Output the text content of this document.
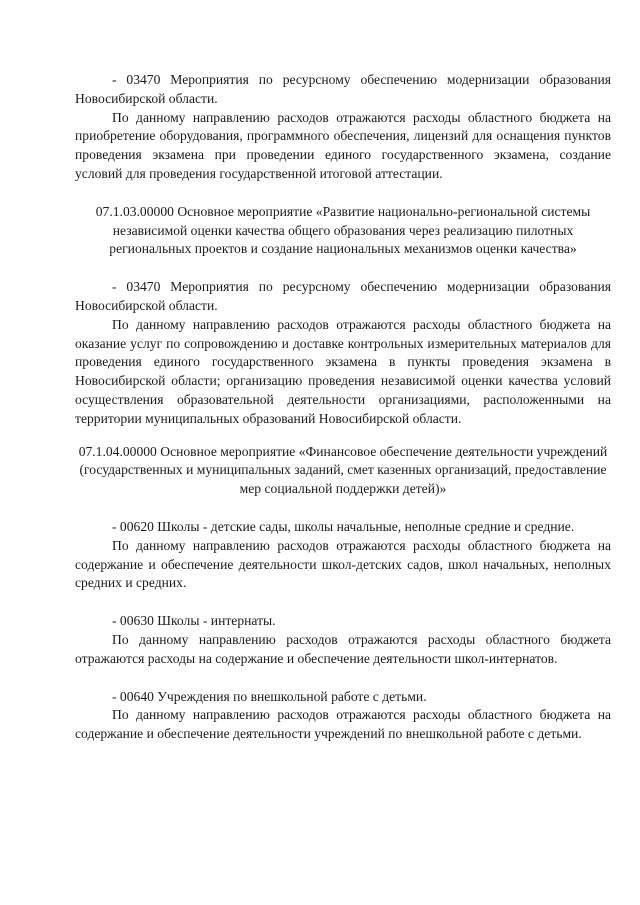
- 03470 Мероприятия по ресурсному обеспечению модернизации образования Новосибирской области.

По данному направлению расходов отражаются расходы областного бюджета на приобретение оборудования, программного обеспечения, лицензий для оснащения пунктов проведения экзамена при проведении единого государственного экзамена, создание условий для проведения государственной итоговой аттестации.

07.1.03.00000 Основное мероприятие «Развитие национально-региональной системы независимой оценки качества общего образования через реализацию пилотных региональных проектов и создание национальных механизмов оценки качества»

- 03470 Мероприятия по ресурсному обеспечению модернизации образования Новосибирской области.

По данному направлению расходов отражаются расходы областного бюджета на оказание услуг по сопровождению и доставке контрольных измерительных материалов для проведения единого государственного экзамена в пункты проведения экзамена в Новосибирской области; организацию проведения независимой оценки качества условий осуществления образовательной деятельности организациями, расположенными на территории муниципальных образований Новосибирской области.

07.1.04.00000 Основное мероприятие «Финансовое обеспечение деятельности учреждений (государственных и муниципальных заданий, смет казенных организаций, предоставление мер социальной поддержки детей)»

- 00620 Школы - детские сады, школы начальные, неполные средние и средние.

По данному направлению расходов отражаются расходы областного бюджета на содержание и обеспечение деятельности школ-детских садов, школ начальных, неполных средних и средних.

- 00630 Школы - интернаты.

По данному направлению расходов отражаются расходы областного бюджета отражаются расходы на содержание и обеспечение деятельности школ-интернатов.

- 00640 Учреждения по внешкольной работе с детьми.

По данному направлению расходов отражаются расходы областного бюджета на содержание и обеспечение деятельности учреждений по внешкольной работе с детьми.
